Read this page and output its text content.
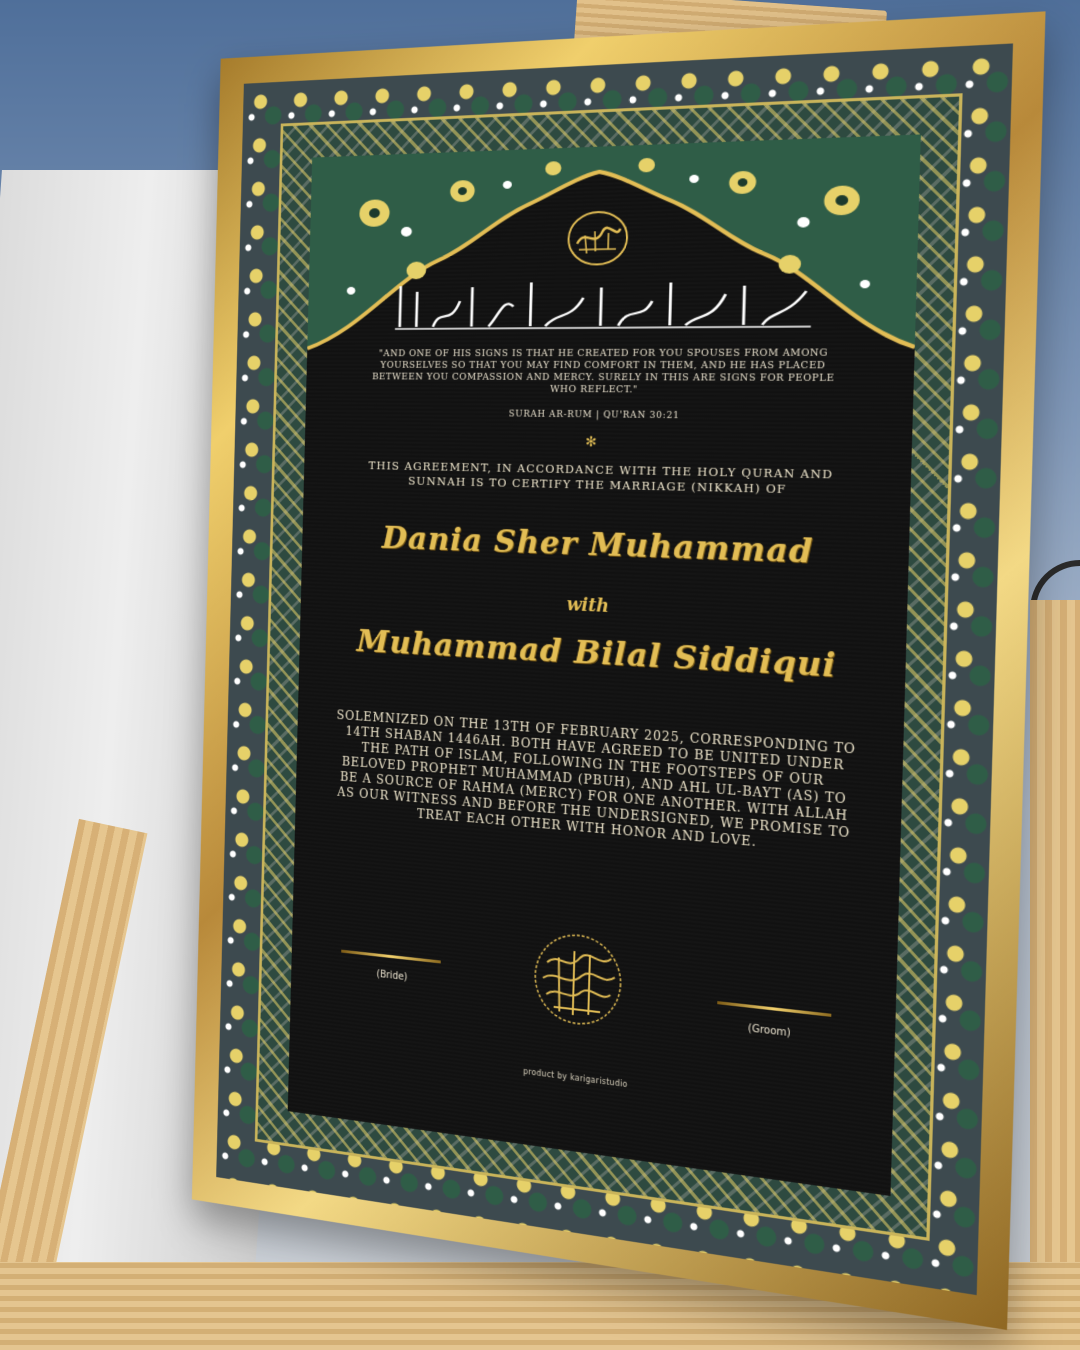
"AND ONE OF HIS SIGNS IS THAT HE CREATED FOR YOU SPOUSES FROM AMONG YOURSELVES SO THAT YOU MAY FIND COMFORT IN THEM, AND HE HAS PLACED BETWEEN YOU COMPASSION AND MERCY. SURELY IN THIS ARE SIGNS FOR PEOPLE WHO REFLECT."
SURAH AR-RUM | QU'RAN 30:21
✻
THIS AGREEMENT, IN ACCORDANCE WITH THE HOLY QURAN AND SUNNAH IS TO CERTIFY THE MARRIAGE (NIKKAH) OF
Dania Sher Muhammad
with
Muhammad Bilal Siddiqui
SOLEMNIZED ON THE 13TH OF FEBRUARY 2025, CORRESPONDING TO 14TH SHABAN 1446AH. BOTH HAVE AGREED TO BE UNITED UNDER THE PATH OF ISLAM, FOLLOWING IN THE FOOTSTEPS OF OUR BELOVED PROPHET MUHAMMAD (PBUH), AND AHL UL-BAYT (AS) TO BE A SOURCE OF RAHMA (MERCY) FOR ONE ANOTHER. WITH ALLAH AS OUR WITNESS AND BEFORE THE UNDERSIGNED, WE PROMISE TO TREAT EACH OTHER WITH HONOR AND LOVE.
(Bride)
(Groom)
product by karigaristudio
